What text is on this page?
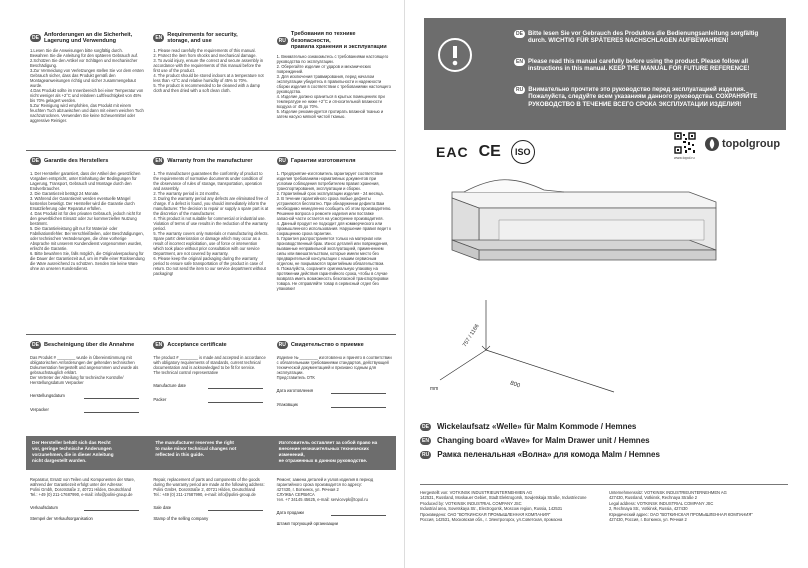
DE
Anforderungen an die Sicherheit,
Lagerung und Verwendung
1.Lesen Sie die Anweisungen bitte sorgfältig durch.
Bewahren Sie die Anleitung für den späteren Gebrauch auf.
2.Schützen Sie den Artikel vor Schlägen und mechanischer Beschädigung.
3.Zur Vermeidung von Verletzungen stellen Sie vor dem ersten Gebrauch sicher, dass das Produkt gemäß den Montageanweisungen richtig und sicher zusammengebaut wurde.
4.Das Produkt sollte im Innenbereich bei einer Temperatur von nicht weniger als +2°C und relativen Luftfeuchtigkeit von 45% bis 70% gelagert werden.
5.Zur Reinigung wird empfohlen, das Produkt mit einem feuchten Tuch abzuwischen und dann mit einem weichen Tuch nachzutrocknen. Verwenden Sie keine Scheuermittel oder aggressive Reiniger.
EN
Requirements for security,
storage, and use
1. Please read carefully the requirements of this manual.
2. Protect the item from shocks and mechanical damage.
3. To avoid injury, ensure the correct and secure assembly in accordance with the requirements of this manual before the first use of the product.
4. The product should be stored indoors at a temperature not less than +2°C and relative humidity of 45% to 70%.
5. The product is recommended to be cleaned with a damp cloth and then dried with a soft clean cloth.
RU
Требования по технике безопасности,
правила хранения и эксплуатации
1. Внимательно ознакомьтесь с требованиями настоящего руководства по эксплуатации.
2. Оберегайте изделие от ударов и механических повреждений.
3. Для исключения травмирования, перед началом эксплуатации убедитесь в правильности и надежности сборки изделия в соответствии с требованиями настоящего руководства.
4. Изделие должно храниться в крытых помещениях при температуре не ниже +2°С и относительной влажности воздуха от 45 до 70%.
5. Изделие рекомендуется протирать влажной тканью и затем насухо мягкой чистой тканью.
DE Garantie des Herstellers
1. Der Hersteller garantiert, dass der Artikel den gesetzlichen Vorgaben entspricht, unter Einhaltung der Bedingungen für Lagerung, Transport, Gebrauch und Montage durch den Endverbraucher.
2. Die Garantiezeit beträgt 24 Monate.
3. Während der Garantiezeit werden eventuelle Mängel kostenlos beseitigt. Der Hersteller wird die Garantie durch Ersatzlieferung oder Reparatur erfüllen.
4. Das Produkt ist für den privaten Gebrauch, jedoch nicht für den gewerblichen Einsatz oder zur kommerziellen Nutzung bestimmt.
5. Die Garantieleistung gilt nur für Material- oder Fabrikationsfehler. Bei Verschleißteilen, oder Beschädigungen, oder technischen Veränderungen, die ohne vorherige Absprache mit unserem Kundendienst vorgenommen wurden, erlischt die Garantie.
6. Bitte bewahren Sie, falls möglich, die Originalverpackung für die Dauer der Garantiezeit auf, um im Falle einer Rücksendung die Ware ausreichend zu schützen. Senden Sie keine Ware ohne an unseren Kundendienst.
EN Warranty from the manufacturer
1. The manufacturer guarantees the conformity of product to the requirements of normative documents under condition of the observance of rules of storage, transportation, operation and assembly.
2. The warranty period is 24 months.
3. During the warranty period any defects are eliminated free of charge. If a defect is found, you should immediately inform the manufacturer. The decision to repair or supply a spare part is at the discretion of the manufacturer.
4. This product is not suitable for commercial or industrial use. Violation of terms of use results in the reduction of the warranty period.
5. The warranty covers only materials or manufacturing defects. Spare parts' deterioration or damage which may occur as a result of incorrect exploitation, use of force or intervention which took place without prior consultation with our service Department, are not covered by warranty.
6. Please keep the original packaging during the warranty period to ensure safe transportation of the product in case of return. Do not send the item to our service department without packaging!
RU Гарантии изготовителя
1. Предприятие-изготовитель гарантирует соответствие изделия требованиям нормативных документов при условии соблюдения потребителем правил хранения, транспортирования, эксплуатации и сборки.
2. Гарантийный срок эксплуатации изделия - 24 месяца.
3. В течение гарантийного срока любые дефекты устраняются бесплатно. При обнаружении дефекта Вам необходимо немедленно сообщить об этом производителю. Решение вопроса о ремонте изделия или поставке запасной части остается на усмотрение производителя.
4. Данный продукт не подходит для коммерческого или промышленного использования. Нарушение правил ведет к сокращению срока гарантии.
5. Гарантия распространяется только на материал или производственный брак. Износ деталей или повреждения, вызванные неправильной эксплуатацией, применением силы или вмешательством, которые имели место без предварительной консультации с нашим сервисным отделом, не покрываются гарантийным обязательством.
6. Пожалуйста, сохраните оригинальную упаковку на протяжении действия гарантийного срока, чтобы в случае возврата иметь возможность безопасной транспортировки товара. Не отправляйте товар в сервисный отдел без упаковки!
DE Bescheinigung über die Annahme
Das Produkt # ________ wurde in Übereinstimmung mit obligatorischen Anforderungen der geltenden technischen Dokumentation hergestellt und angenommen und wurde als gebrauchstauglich erklärt.
Der Vertreter der Abteilung für technische Kontrolle/ Herstellungsdatum Verpacker
Herstellungsdatum
Verpacker
EN Acceptance certificate
The product # ________ is made and accepted in accordance with obligatory requirements of standards, current technical documentation and is acknowledged to be fit for service.
The technical control representative
Manufacture date
Packer
RU Свидетельство о приемке
Изделие № ________ изготовлено и принято в соответствии с обязательными требованиями стандартов, действующей технической документацией и признано годным для эксплуатации.
Представитель ОТК
Дата изготовления
Упаковщик
Der Hersteller behält sich das Recht
vor, geringe technische Änderungen
vorzunehmen, die in dieser Anleitung
nicht dargestellt wurden.
The manufacturer reserves the right
to make minor technical changes not
reflected in this guide.
Изготовитель оставляет за собой право на
внесение незначительных технических изменений,
не отраженных в данном руководстве.
Reparatur, Ersatz von Teilen und Komponenten der Ware, während der Garantiezeit erfolgt unter der Adresse:
Polini Gmbh, Dorotstraße 2, 40721 Hilden, Deutschland
Tel.: +49 (0) 211-17687990, e-mail: info@polini-group.de
Verkaufsdatum
Stempel der Verkaufsorganisation
Repair, replacement of parts and components of the goods during the warranty period are made at the following address:
Polini GmbH, Dorotstraße 2, 40721 Hilden, Deutschland
Tel.: +49 (0) 211-17687990, e-mail: info@polini-group.de
Sale date
Stamp of the selling company
Ремонт, замена деталей и узлов изделия в период гарантийного срока производится по адресу:
427430, г. Воткинск, ул. Речная 2
СЛУЖБА СЕРВИСА
тел. +7 34145 45625, e-mail: servicevpk@topol.ru
Дата продажи
Штамп торгующей организации
DE Bitte lesen Sie vor Gebrauch des Produktes die Bedienungsanleitung sorgfältig durch. WICHTIG FÜR SPÄTERES NACHSCHLAGEN AUFBEWAHREN!
EN Please read this manual carefully before using the product. Please follow all instructions in this manual. KEEP THE MANUAL FOR FUTURE REFERENCE!
RU Внимательно прочтите это руководство перед эксплуатацией изделия. Пожалуйста, следуйте всем указаниям данного руководства. СОХРАНЯЙТЕ РУКОВОДСТВО В ТЕЧЕНИЕ ВСЕГО СРОКА ЭКСПЛУАТАЦИИ ИЗДЕЛИЯ!
EAC CE	ISO
www.topol.ru
topolgroup
757 / 1166
800
mm
DE Wickelaufsatz «Welle» für Malm Kommode / Hemnes
EN Changing board «Wave» for Malm Drawer unit / Hemnes
RU Рамка пеленальная «Волна» для комода Malm / Hemnes
Hergestellt von: VOTKINSK INDUSTRIEUNTERNEHMEN AG
142531, Russland, Moskauer Gebiet, Stadt Elektrogorsk, Sowjetskaja Straße, Industriezone
Produced by: VOTKINSK INDUSTRIAL COMPANY JSC
Industrial area, Sovetskaya Str., Electrogorsk, Moscow region, Russia, 142531
Произведено: ОАО "ВОТКИНСКАЯ ПРОМЫШЛЕННАЯ КОМПАНИЯ"
Россия, 142531, Московская обл., г. Электрогорск, ул.Советская, промзона
Unternehmenssitz: VOTKINSK INDUSTRIEUNTERNEHMEN AG
427430, Russland, Votkinsk, Rechnaya Straße 2
Legal address: VOTKINSK INDUSTRIAL COMPANY JSC
2, Rechnaya Str., Votkinsk, Russia, 427430
Юридический адрес: ОАО "ВОТКИНСКАЯ ПРОМЫШЛЕННАЯ КОМПАНИЯ"
427430, Россия, г. Воткинск, ул. Речная 2
